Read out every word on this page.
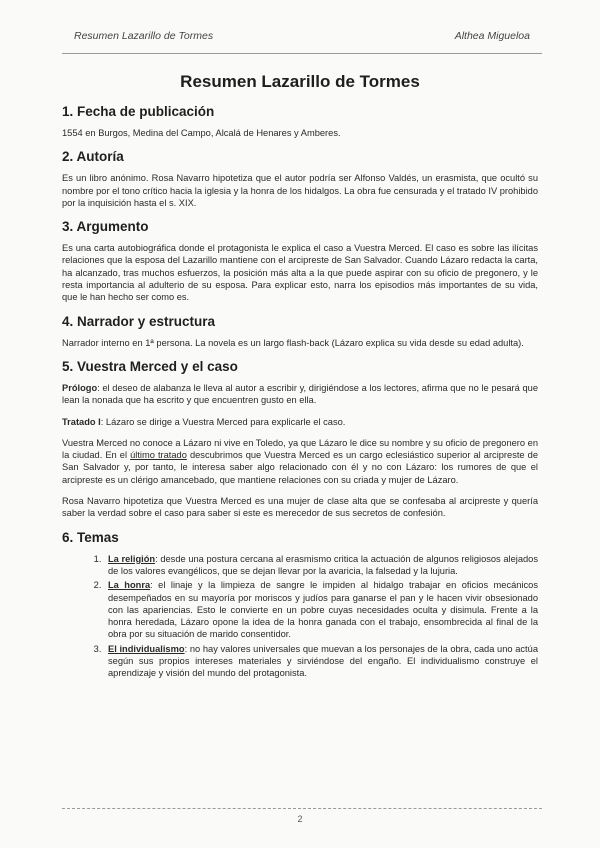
Resumen Lazarillo de Tormes	Althea Migueloa
Resumen Lazarillo de Tormes
1. Fecha de publicación

1554 en Burgos, Medina del Campo, Alcalá de Henares y Amberes.

2. Autoría

Es un libro anónimo. Rosa Navarro hipotetiza que el autor podría ser Alfonso Valdés, un erasmista, que ocultó su nombre por el tono crítico hacia la iglesia y la honra de los hidalgos. La obra fue censurada y el tratado IV prohibido por la inquisición hasta el s. XIX.

3. Argumento

Es una carta autobiográfica donde el protagonista le explica el caso a Vuestra Merced. El caso es sobre las ilícitas relaciones que la esposa del Lazarillo mantiene con el arcipreste de San Salvador. Cuando Lázaro redacta la carta, ha alcanzado, tras muchos esfuerzos, la posición más alta a la que puede aspirar con su oficio de pregonero, y le resta importancia al adulterio de su esposa. Para explicar esto, narra los episodios más importantes de su vida, que le han hecho ser como es.

4. Narrador y estructura

Narrador interno en 1ª persona. La novela es un largo flash-back (Lázaro explica su vida desde su edad adulta).

5. Vuestra Merced y el caso

Prólogo: el deseo de alabanza le lleva al autor a escribir y, dirigiéndose a los lectores, afirma que no le pesará que lean la nonada que ha escrito y que encuentren gusto en ella.

Tratado I: Lázaro se dirige a Vuestra Merced para explicarle el caso.

Vuestra Merced no conoce a Lázaro ni vive en Toledo, ya que Lázaro le dice su nombre y su oficio de pregonero en la ciudad. En el último tratado descubrimos que Vuestra Merced es un cargo eclesiástico superior al arcipreste de San Salvador y, por tanto, le interesa saber algo relacionado con él y no con Lázaro: los rumores de que el arcipreste es un clérigo amancebado, que mantiene relaciones con su criada y mujer de Lázaro.

Rosa Navarro hipotetiza que Vuestra Merced es una mujer de clase alta que se confesaba al arcipreste y quería saber la verdad sobre el caso para saber si este es merecedor de sus secretos de confesión.

6. Temas
1. La religión: desde una postura cercana al erasmismo critica la actuación de algunos religiosos alejados de los valores evangélicos, que se dejan llevar por la avaricia, la falsedad y la lujuria.
2. La honra: el linaje y la limpieza de sangre le impiden al hidalgo trabajar en oficios mecánicos desempeñados en su mayoría por moriscos y judíos para ganarse el pan y le hacen vivir obsesionado con las apariencias. Esto le convierte en un pobre cuyas necesidades oculta y disimula. Frente a la honra heredada, Lázaro opone la idea de la honra ganada con el trabajo, ensombrecida al final de la obra por su situación de marido consentidor.
3. El individualismo: no hay valores universales que muevan a los personajes de la obra, cada uno actúa según sus propios intereses materiales y sirviéndose del engaño. El individualismo construye el aprendizaje y visión del mundo del protagonista.
2
